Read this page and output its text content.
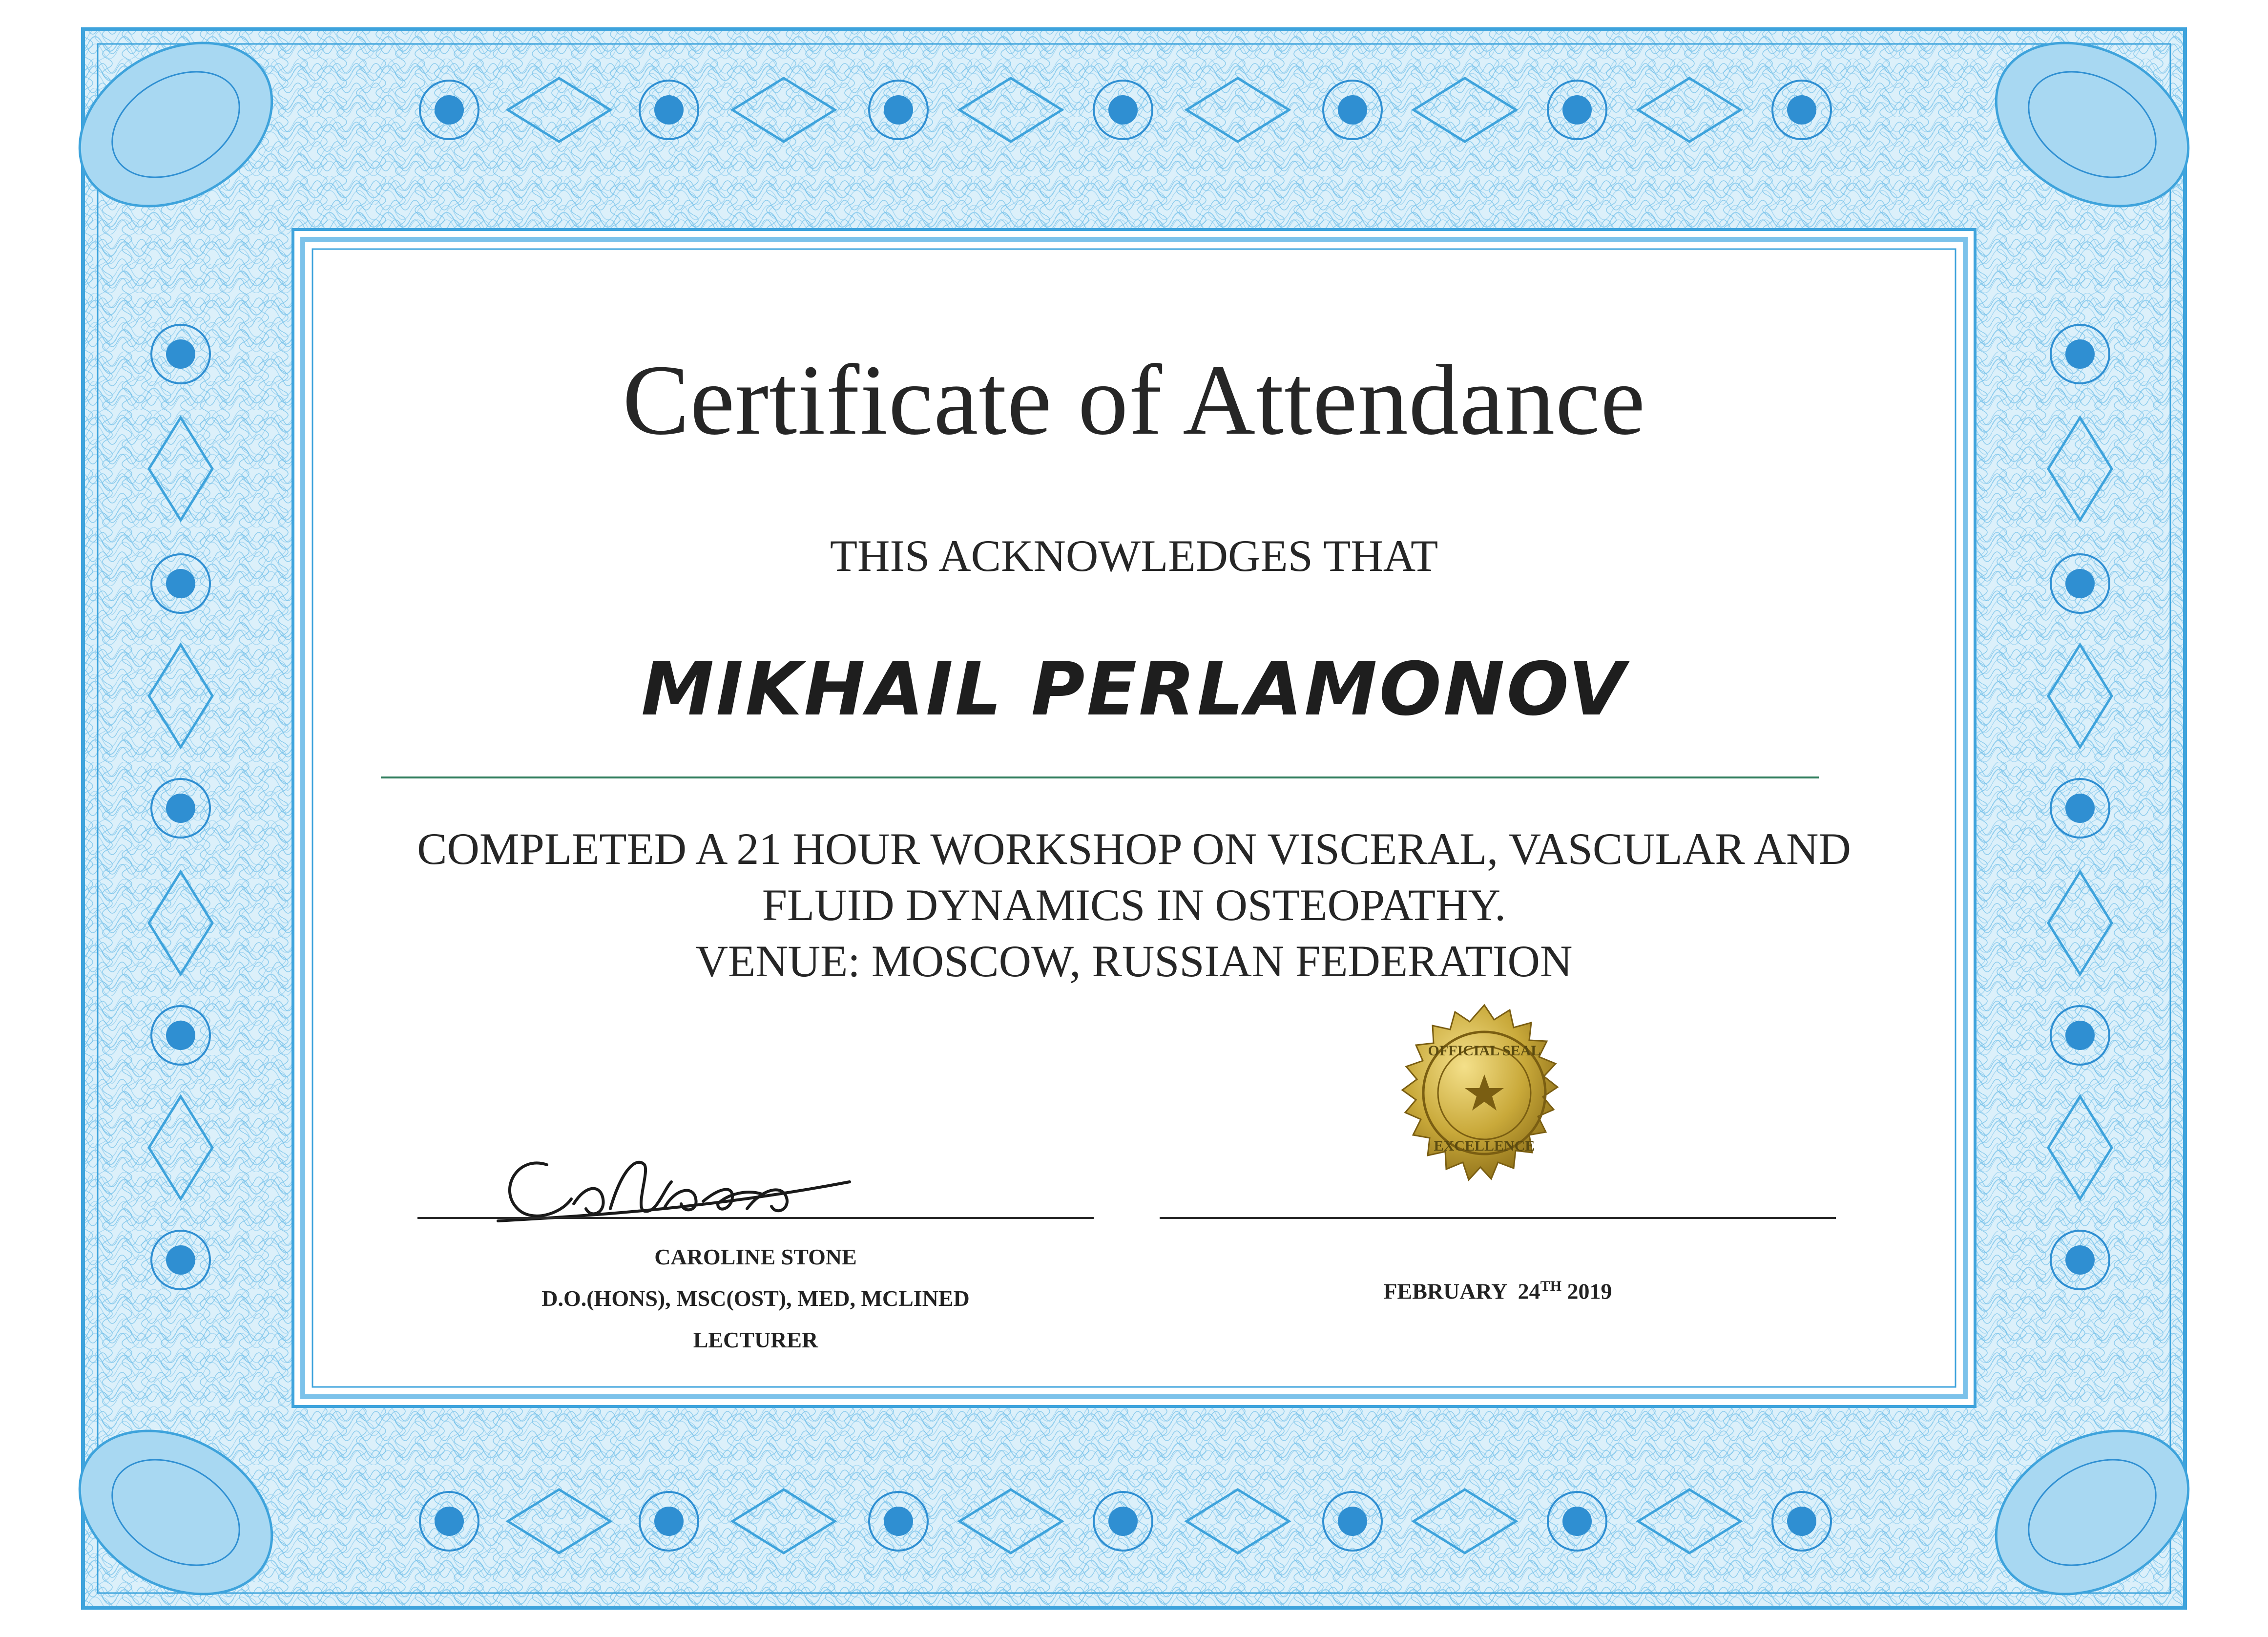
Certificate of Attendance
THIS ACKNOWLEDGES THAT
MIKHAIL PERLAMONOV
COMPLETED A 21 HOUR WORKSHOP ON VISCERAL, VASCULAR AND
FLUID DYNAMICS IN OSTEOPATHY.
VENUE: MOSCOW, RUSSIAN FEDERATION
OFFICIAL SEAL
EXCELLENCE
CAROLINE STONE
D.O.(HONS), MSC(OST), MED, MCLINED
LECTURER
FEBRUARY  24TH 2019
